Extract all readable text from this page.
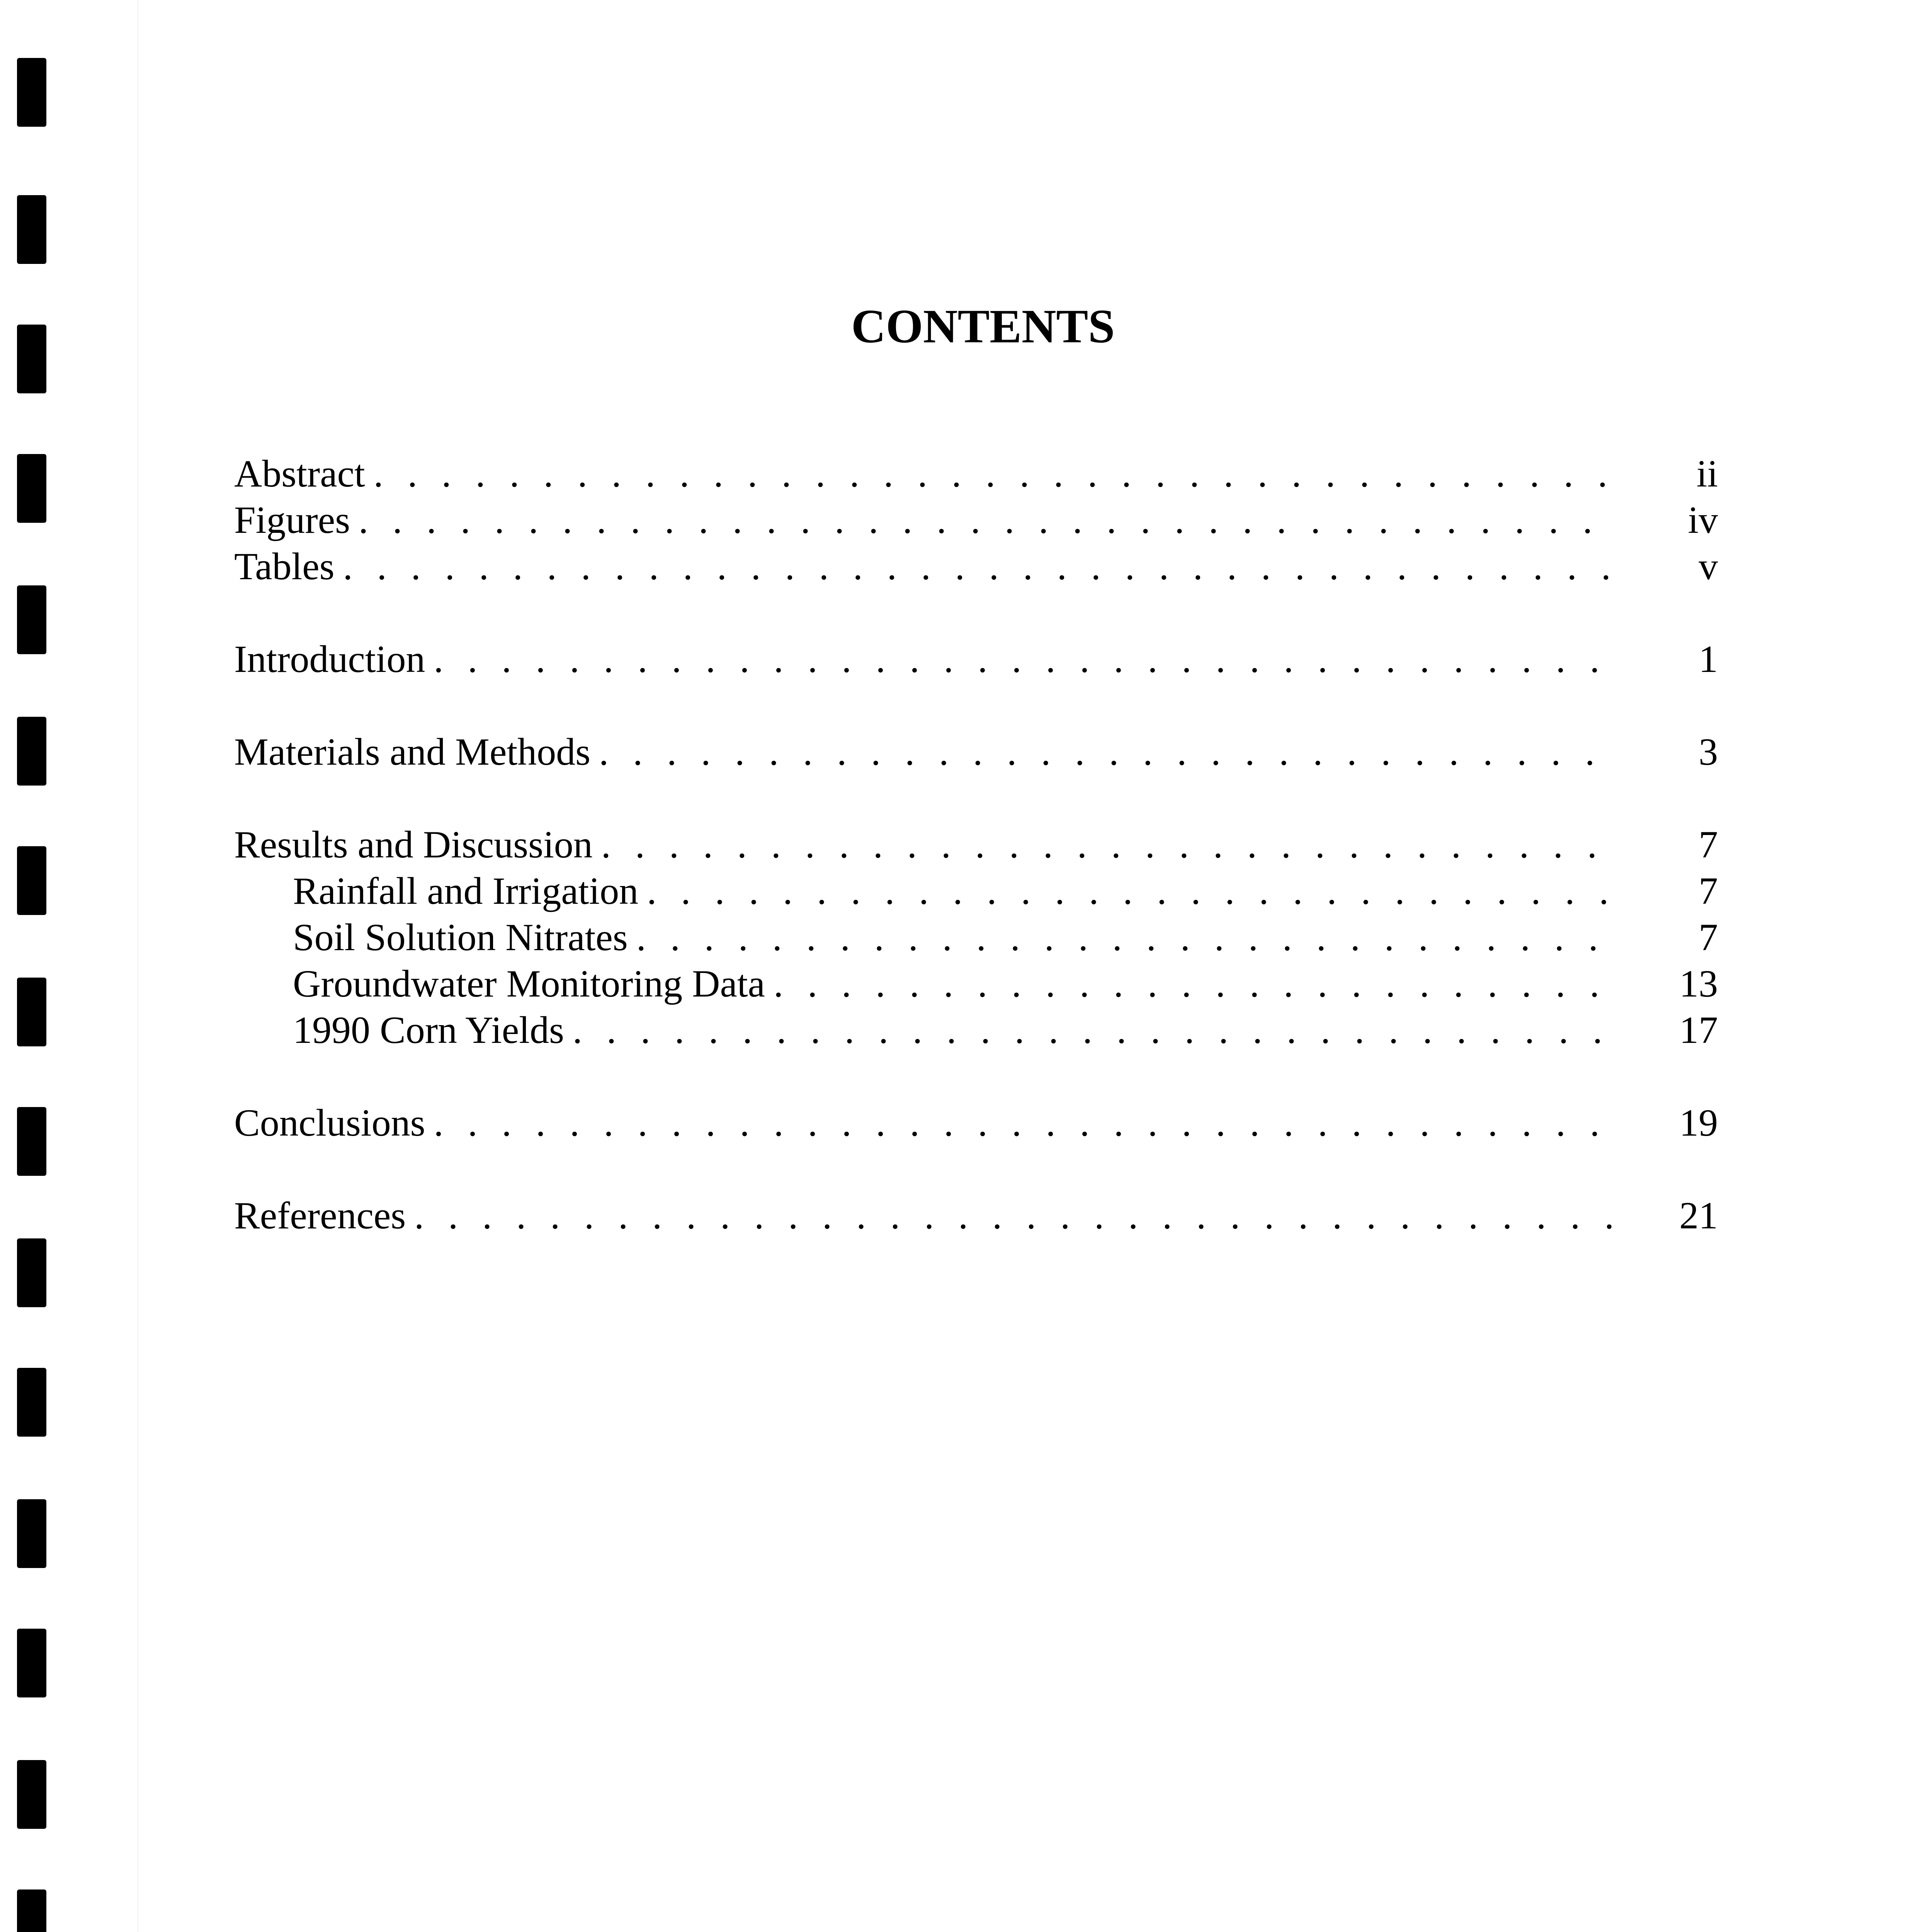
CONTENTS
Abstract . . .	ii
Figures . . .	iv
Tables . . .	v
Introduction . . .	1
Materials and Methods . . .	3
Results and Discussion . . .	7
Rainfall and Irrigation . . .	7
Soil Solution Nitrates . . .	7
Groundwater Monitoring Data . . .	13
1990 Corn Yields . . .	17
Conclusions . . .	19
References . . .	21
